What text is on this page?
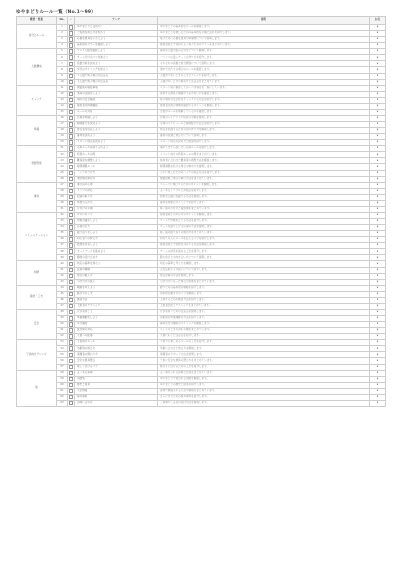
ゆやまどりルール一覧（No.1〜99）
概要・要素	No.	✓	テーマ	説明	お気
成分とルール	1		ゆやまどりとは何か？	ゆやまどりの基本的なルールを解説します。	★
	2		一般的な遊び方を知ろう	ゆやまどりを楽しむための基本的な手順と流れを紹介します。	★
	3		必要な道具をそろえよう	遊ぶために必要な道具や準備物について説明します。	★
	4		基本的なマナーを確認しよう	参加者同士で気持ちよく遊ぶためのマナーをまとめています。	★
人数構成	5		プレイ人数を確認しよう	適切な人数や組み合わせについて解説します。	★
	6		チーム分けのコツを知ろう	バランスの良いチームの作り方を紹介します。	★
	7		役割分担を決めよう	それぞれの役割と担当範囲について説明します。	★
	8		交代のタイミングを知ろう	途中で交代する場合のルールを確認します。	★
	9		少人数で遊ぶ場合の注意点	人数が少ないときの工夫とアレンジを紹介します。	★
	10		大人数で遊ぶ場合の注意点	人数が多いときの進め方と注意点をまとめています。	★
チェック	11		開始前の確認事項	スタート前に確認しておくべき項目を一覧にしています。	★
	12		道具の点検をしよう	使用する道具に破損や不足がないかを確認します。	★
	13		場所の安全確認	遊ぶ場所の安全性をチェックする方法を紹介します。	★
	14		参加者の体調確認	参加者全員の体調を確認するポイントを解説します。	★
	15		ルールの共有	全員がルールを理解しているかを確認します。	★
準備	16		会場を準備しよう	会場のレイアウトや設営の手順を説明します。	★
	17		時間配分を決めよう	全体のスケジュールと時間配分の目安を紹介します。	★
	18		得点表を用意しよう	得点を記録するための表の作り方を解説します。	★
	19		審判を決めよう	審判の役割と選び方について説明します。	★
	20		スタート地点を決めよう	スタート地点の決め方と配置を紹介します。	★
発展形態	21		応用ルールを取り入れよう	慣れてきたら試したい応用ルールを紹介します。	★
	22		特別ルールの例	イベント向けの特別ルールの例をまとめています。	★
	23		難易度を調整しよう	参加者に合わせた難易度の調整方法を解説します。	★
	24		時間制限ルール	時間制限を設ける場合の進め方を説明します。	★
	25		ハンデのつけ方	公平に楽しむためのハンデの設定方法を紹介します。	★
	26		連続戦の進め方	複数回戦う場合の進行方法をまとめています。	★
運営	27		進行役の心得	スムーズに進行するためのポイントを解説します。	★
	28		トラブル対応	よくあるトラブルと対処法を紹介します。	★
	29		記録の取り方	結果を正確に記録する方法を説明します。	★
	30		休憩の入れ方	適切な休憩のタイミングを紹介します。	★
	31		片付けの手順	終了後の片付けと後処理をまとめています。	★
コミュニケーション	32		声かけのコツ	参加者同士の声かけのポイントを解説します。	★
	33		作戦会議をしよう	チームで作戦を立てる方法を紹介します。	★
	34		応援の仕方	チームを盛り上げる応援の方法を説明します。	★
	35		振り返りをしよう	終了後の振り返りの進め方をまとめています。	★
	36		初心者への教え方	初めての人にルールを伝えるコツを紹介します。	★
	37		感想を共有しよう	参加者同士で感想を共有する方法を解説します。	★
	38		チームワークを高めよう	チームの結束を高める工夫を紹介します。	★
	39		勝敗の受け止め方	勝ち負けとの向き合い方について説明します。	★
判断	40		判定の基準を知ろう	判定の基準と考え方を解説します。	★
	41		反則の種類	主な反則とその扱いについて紹介します。	★
	42		得点の数え方	得点計算の方法を説明します。	★
	43		引き分けの扱い	引き分けになった場合の処理をまとめています。	★
競技・工夫	44		戦略を考えよう	勝つための基本的な戦略を紹介します。	★
	45		動き方の工夫	効率的な動き方のコツを解説します。	★
	46		練習方法	上達するための練習方法を紹介します。	★
	47		上級者のテクニック	上級者が使うテクニックをまとめています。	★
安全	48		けがを防ごう	けがを防ぐための注意点を説明します。	★
	49		準備運動をしよう	効果的な準備運動の方法を紹介します。	★
	50		水分補給	適切な水分補給のタイミングを解説します。	★
	51		緊急時の対応	もしものときの対応手順をまとめています。	★
	52		天候への配慮	天候に応じた注意点を紹介します。	★
子供向けアレンジ	53		子供向けルール	子供でも楽しめるルールの工夫を紹介します。	★
	54		年齢別の遊び方	年齢に合わせた遊び方を解説します。	★
	55		保護者の関わり方	保護者のサポート方法を説明します。	★
	56		安全な道具選び	子供に安全な道具の選び方をまとめています。	★
	57		楽しく続けるコツ	飽きずに続けるための工夫を紹介します。	★
他	58		よくある質問	よく寄せられる質問と回答をまとめています。	★
	59		用語集	ゆやまどりで使われる用語を解説します。	★
	60		歴史と由来	ゆやまどりの歴史と由来を紹介します。	★
	61		大会情報	各地で開催される大会の情報をまとめています。	★
	62		参考資料	さらに学ぶための参考資料を紹介します。	★
	63		お問い合わせ	ご質問やご意見の受付方法を説明します。	★
